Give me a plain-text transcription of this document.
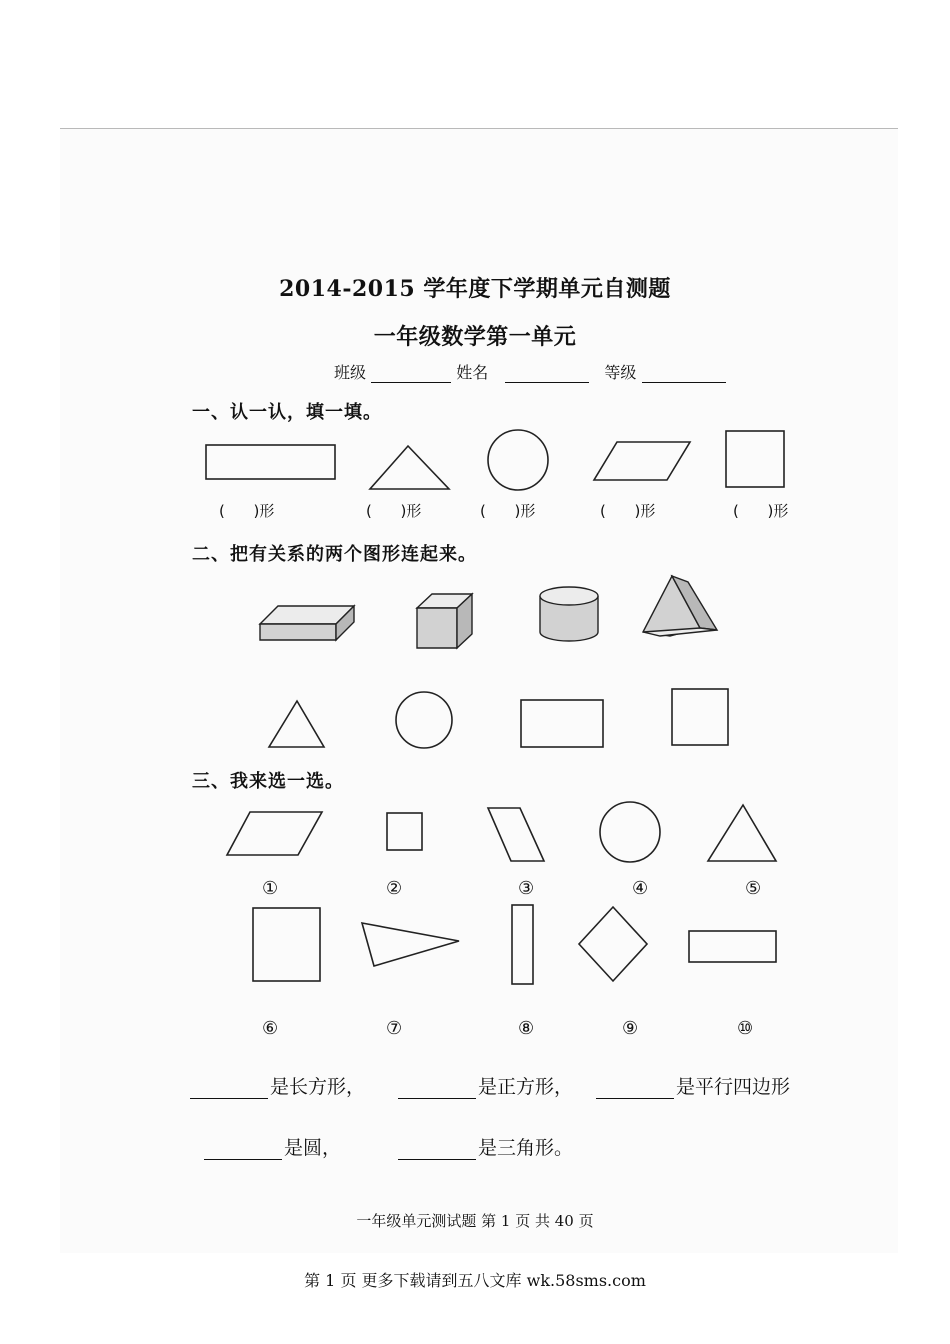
2014-2015 学年度下学期单元自测题
一年级数学第一单元
班级	姓名	等级
一、认一认，填一填。
(      )形	(      )形	(      )形	(      )形	(      )形
二、把有关系的两个图形连起来。
三、我来选一选。
①	②	③	④	⑤
⑥	⑦	⑧	⑨	⑩
是长方形，	是正方形，	是平行四边形
是圆，	是三角形。
一年级单元测试题 第 1 页 共 40 页
第 1 页 更多下载请到五八文库 wk.58sms.com
